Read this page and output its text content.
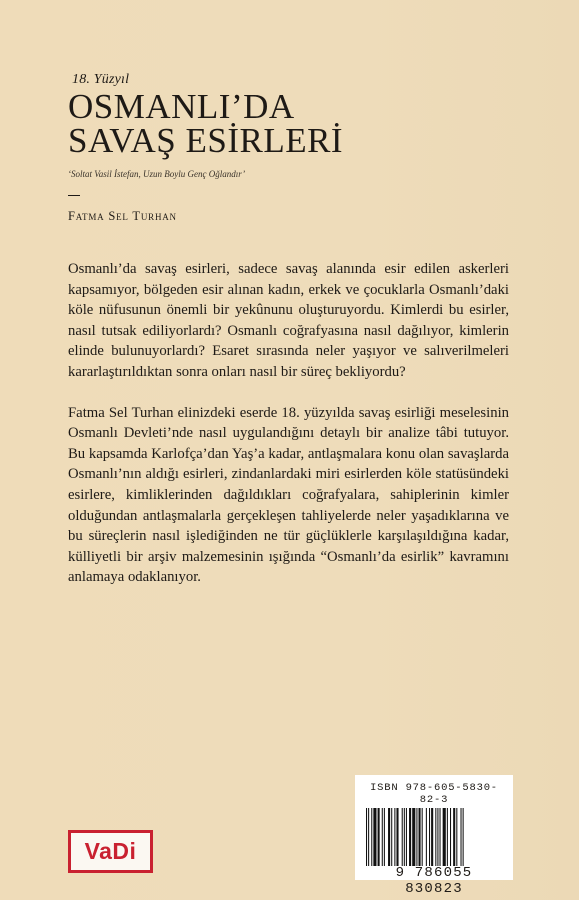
18. Yüzyıl
OSMANLI’DA
SAVAŞ ESİRLERİ
‘Soltat Vasil İstefan, Uzun Boylu Genç Oğlandır’
Fatma Sel Turhan

Osmanlı’da savaş esirleri, sadece savaş alanında esir edilen askerleri kapsamıyor, bölgeden esir alınan kadın, erkek ve çocuklarla Osmanlı’daki köle nüfusunun önemli bir yekûnunu oluşturuyordu. Kimlerdi bu esirler, nasıl tutsak ediliyorlardı? Osmanlı coğrafyasına nasıl dağılıyor, kimlerin elinde bulunuyorlardı? Esaret sırasında neler yaşıyor ve salıverilmeleri kararlaştırıldıktan sonra onları nasıl bir süreç bekliyordu?

Fatma Sel Turhan elinizdeki eserde 18. yüzyılda savaş esirliği meselesinin Osmanlı Devleti’nde nasıl uygulandığını detaylı bir analize tâbi tutuyor. Bu kapsamda Karlofça’dan Yaş’a kadar, antlaşmalara konu olan savaşlarda Osmanlı’nın aldığı esirleri, zindanlardaki miri esirlerden köle statüsündeki esirlere, kimliklerinden dağıldıkları coğrafyalara, sahiplerinin kimler olduğundan antlaşmalarla gerçekleşen tahliyelerde neler yaşadıklarına ve bu süreçlerin nasıl işlediğinden ne tür güçlüklerle karşılaşıldığına kadar, külliyetli bir arşiv malzemesinin ışığında “Osmanlı’da esirlik” kavramını anlamaya odaklanıyor.

VaDi
ISBN 978-605-5830-82-3
9 786055 830823
